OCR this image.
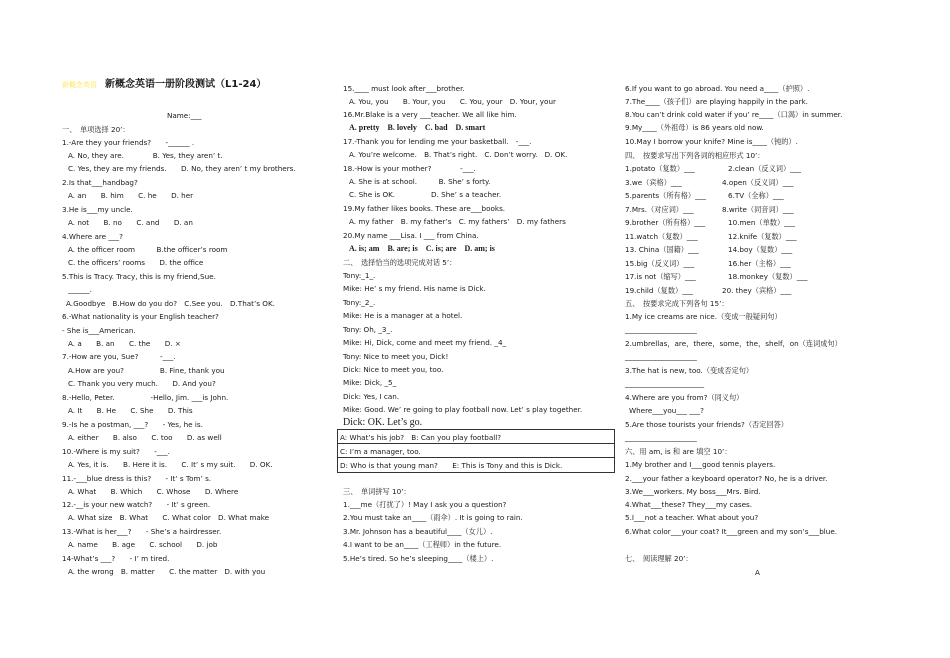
新概念英语 新概念英语一册阶段测试（L1-24）
Name:___
一、　单项选择 20’：
1.-Are they your friends?　　-______ .
A. No, they are.　　　　B. Yes, they aren’ t.
C. Yes, they are my friends.　　D. No, they aren’ t my brothers.
2.Is that___handbag?
A. an　　B. him　　C. he　　D. her
3.He is___my uncle.
A. not　　B. no　　C. and　　D. an
4.Where are ___?
A. the officer room　　　B.the officer’s room
C. the officers’ rooms　　D. the office
5.This is Tracy. Tracy, this is my friend,Sue.
______.
A.Goodbye　B.How do you do?　C.See you.　D.That’s OK.
6.-What nationality is your English teacher?
- She is___American.
A. a　　B. an　　C. the　　D. ×
7.-How are you, Sue?　　　-___.
A.How are you?　　　　　B. Fine, thank you
C. Thank you very much.　　D. And you?
8.-Hello, Peter.　　　　　-Hello, Jim. ___is John.
A. It　　B. He　　C. She　　D. This
9.-Is he a postman, ___?　　- Yes, he is.
A. either　　B. also　　C. too　　D. as well
10.-Where is my suit?　　-___.
A. Yes, it is.　　B. Here it is.　　C. It’ s my suit.　　D. OK.
11.-___blue dress is this?　　- It’ s Tom’ s.
A. What　　B. Which　　C. Whose　　D. Where
12.-__is your new watch?　　- It’ s green.
A. What size　B. What　　C. What color　D. What make
13.-What is her___?　　- She’s a hairdresser.
A. name　　B. age　　C. school　　D. job
14-What’s ___?　　- I’ m tired.
A. the wrong　B. matter　　C. the matter　D. with you
15.____ must look after___brother.
A. You, you　　B. Your, you　　C. You, your　D. Your, your
16.Mr.Blake is a very ___teacher. We all like him.
A. pretty　B. lovely　C. bad　D. smart
17.-Thank you for lending me your basketball.　-___.
A. You’re welcome.　B. That’s right.　C. Don’t worry.　D. OK.
18.-How is your mother?　　　　-___.
A. She is at school.　　　B. She’ s forty.
C. She is OK.　　　　　D. She’ s a teacher.
19.My father likes books. These are___books.
A. my father　B. my father’s　C. my fathers’　D. my fathers
20.My name ___Lisa. I ___ from China.
A. is; am　B. are; is　C. is; are　D. am; is
二、　选择恰当的选项完成对话 5’：
Tony:_1_.
Mike: He’ s my friend. His name is Dick.
Tony:_2_.
Mike: He is a manager at a hotel.
Tony: Oh, _3_.
Mike: Hi, Dick, come and meet my friend. _4_
Tony: Nice to meet you, Dick!
Dick: Nice to meet you, too.
Mike: Dick, _5_
Dick: Yes, I can.
Mike: Good. We’ re going to play football now. Let’ s play together.
Dick: OK. Let’s go.
A: What’s his job?　B: Can you play football?
C: I’m a manager, too.
D: Who is that young man?　　E: This is Tony and this is Dick.
三、　单词拼写 10’：
1.___me（打扰了）! May I ask you a question?
2.You must take an____（雨伞）. It is going to rain.
3.Mr. Johnson has a beautiful____（女儿）.
4.I want to be an____（工程师）in the future.
5.He’s tired. So he’s sleeping____（楼上）.
6.If you want to go abroad. You need a____（护照）.
7.The____（孩子们）are playing happily in the park.
8.You can’t drink cold water if you’ re____（口渴）in summer.
9.My____（外祖母）is 86 years old now.
10.May I borrow your knife? Mine is____（钝的）.
四、　按要求写出下列各词的相应形式 10’：
1.potato（复数）___	2.clean（反义词）___
3.we（宾格）___	4.open（反义词）___
5.parents（所有格）___	6.TV（全称）___
7.Mrs.（对应词）___	8.write（同音词）___
9.brother（所有格）___	10.men（单数）___
11.watch（复数）___	12.knife（复数）___
13. China（国籍）___	14.boy（复数）___
15.big（反义词）___	16.her（主格）___
17.is not（缩写）___	18.monkey（复数）___
19.child（复数）___	20. they（宾格）___
五、　按要求完成下列各句 15’：
1.My ice creams are nice.（变成一般疑问句）
____________________
2.umbrellas，are，there，some，the，shelf，on（连词成句）
____________________
3.The hat is new, too.（变成否定句）
______________________
4.Where are you from?（同义句）
Where___you___ ___?
5.Are those tourists your friends?（否定回答）
____________________
六、用 am, is 和 are 填空 10’：
1.My brother and I___good tennis players.
2.___your father a keyboard operator? No, he is a driver.
3.We___workers. My boss___Mrs. Bird.
4.What___these? They___my cases.
5.I___not a teacher. What about you?
6.What color___your coat? It___green and my son’s___blue.
七、　阅读理解 20’：
A
